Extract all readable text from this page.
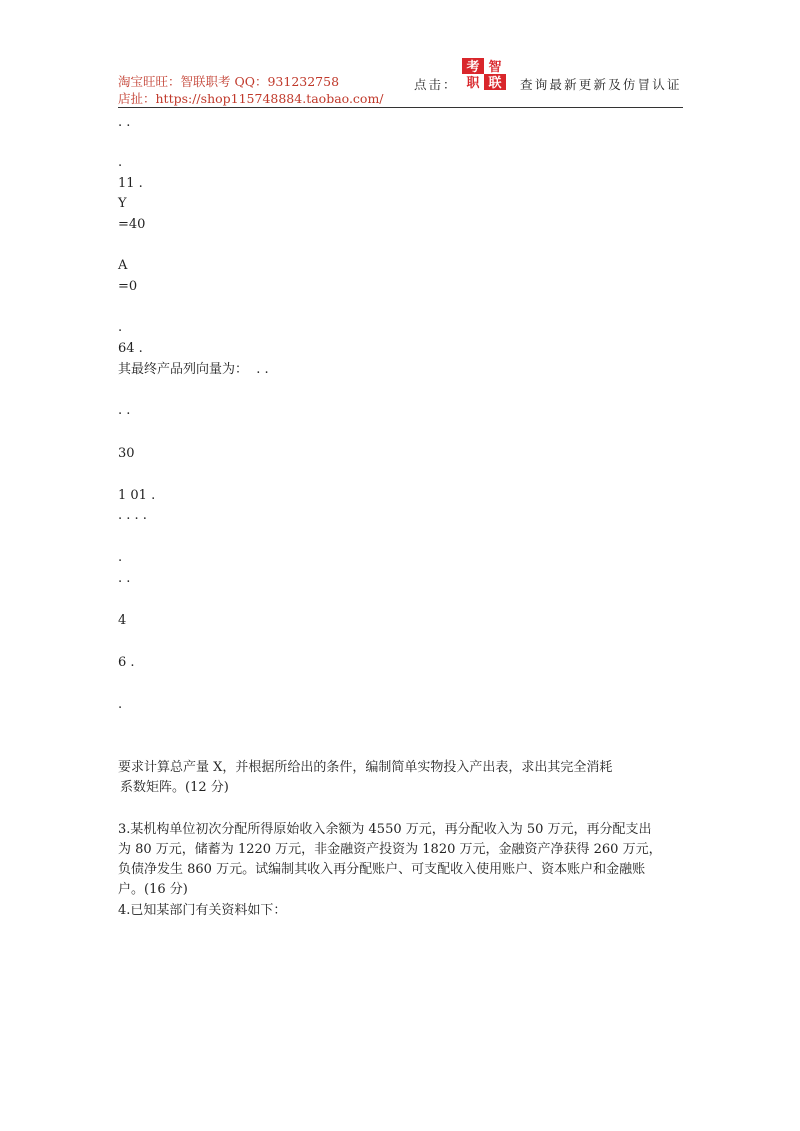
淘宝旺旺：智联职考 QQ：931232758
店扯：https://shop115748884.taobao.com/
点击：
考 智
职 联 查询最新更新及仿冒认证
. .
.
11 .
Y
=40
A
=0
.
64 .
其最终产品列向量为：  . .
. .
30
1 01 .
. . . .
.
. .
4
6 .
.
要求计算总产量 X，并根据所给出的条件，编制简单实物投入产出表，求出其完全消耗
系数矩阵。(12 分)
3.某机构单位初次分配所得原始收入余额为 4550 万元，再分配收入为 50 万元，再分配支出
为 80 万元，储蓄为 1220 万元，非金融资产投资为 1820 万元，金融资产净获得 260 万元，
负债净发生 860 万元。试编制其收入再分配账户、可支配收入使用账户、资本账户和金融账
户。(16 分)
4.已知某部门有关资料如下：
